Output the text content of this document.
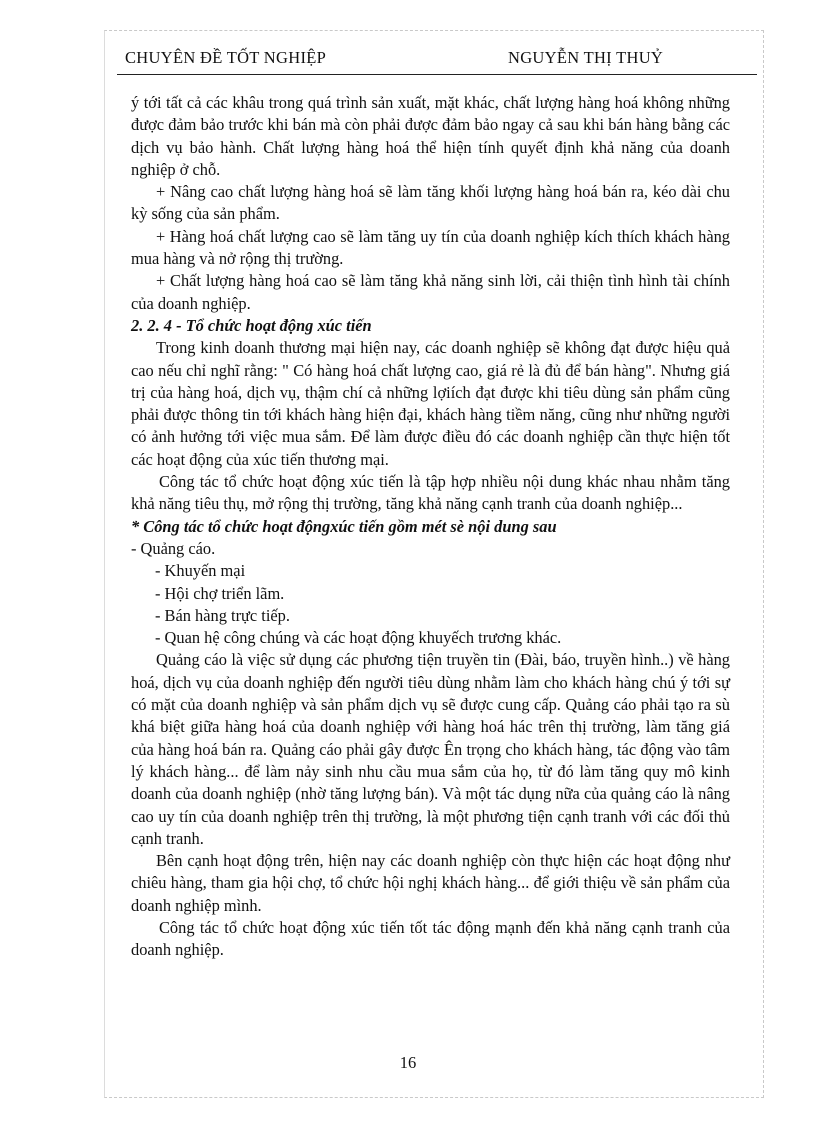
CHUYÊN ĐỀ TỐT NGHIỆP	NGUYỄN THỊ THUỶ

ý tới tất cả các khâu trong quá trình sản xuất, mặt khác, chất lượng hàng hoá không những được đảm bảo trước khi bán mà còn phải được đảm bảo ngay cả sau khi bán hàng bằng các dịch vụ bảo hành. Chất lượng hàng hoá thể hiện tính quyết định khả năng của doanh nghiệp ở chỗ.

+ Nâng cao chất lượng hàng hoá sẽ làm tăng khối lượng hàng hoá bán ra, kéo dài chu kỳ sống của sản phẩm.

+ Hàng hoá chất lượng cao sẽ làm tăng uy tín của doanh nghiệp kích thích khách hàng mua hàng và nở rộng thị trường.

+ Chất lượng hàng hoá cao sẽ làm tăng khả năng sinh lời, cải thiện tình hình tài chính của doanh nghiệp.

2. 2. 4 - Tổ chức hoạt động xúc tiến

Trong kinh doanh thương mại hiện nay, các doanh nghiệp sẽ không đạt được hiệu quả cao nếu chỉ nghĩ rằng: " Có hàng hoá chất lượng cao, giá rẻ là đủ để bán hàng". Nhưng giá trị của hàng hoá, dịch vụ, thậm chí cả những lợiích đạt được khi tiêu dùng sản phẩm cũng phải được thông tin tới khách hàng hiện đại, khách hàng tiềm năng, cũng như những người có ảnh hưởng tới việc mua sắm. Để làm được điều đó các doanh nghiệp cần thực hiện tốt các hoạt động của xúc tiến thương mại.

Công tác tổ chức hoạt động xúc tiến là tập hợp nhiều nội dung khác nhau nhằm tăng khả năng tiêu thụ, mở rộng thị trường, tăng khả năng cạnh tranh của doanh nghiệp...

* Công tác tổ chức hoạt độngxúc tiến gồm mét sè nội dung sau

- Quảng cáo.

- Khuyến mại

- Hội chợ triển lãm.

- Bán hàng trực tiếp.

- Quan hệ công chúng và các hoạt động khuyếch trương khác.

Quảng cáo là việc sử dụng các phương tiện truyền tin (Đài, báo, truyền hình..) về hàng hoá, dịch vụ của doanh nghiệp đến người tiêu dùng nhằm làm cho khách hàng chú ý tới sự có mặt của doanh nghiệp và sản phẩm dịch vụ sẽ được cung cấp. Quảng cáo phải tạo ra sù khá biệt giữa hàng hoá của doanh nghiệp với hàng hoá hác trên thị trường, làm tăng giá của hàng hoá bán ra. Quảng cáo phải gây được Ên trọng cho khách hàng, tác động vào tâm lý khách hàng... để làm nảy sinh nhu cầu mua sắm của họ, từ đó làm tăng quy mô kinh doanh của doanh nghiệp (nhờ tăng lượng bán). Và một tác dụng nữa của quảng cáo là nâng cao uy tín của doanh nghiệp trên thị trường, là một phương tiện cạnh tranh với các đối thủ cạnh tranh.

Bên cạnh hoạt động trên, hiện nay các doanh nghiệp còn thực hiện các hoạt động như chiêu hàng, tham gia hội chợ, tổ chức hội nghị khách hàng... để giới thiệu về sản phẩm của doanh nghiệp mình.

Công tác tổ chức hoạt động xúc tiến tốt tác động mạnh đến khả năng cạnh tranh của doanh nghiệp.

16
